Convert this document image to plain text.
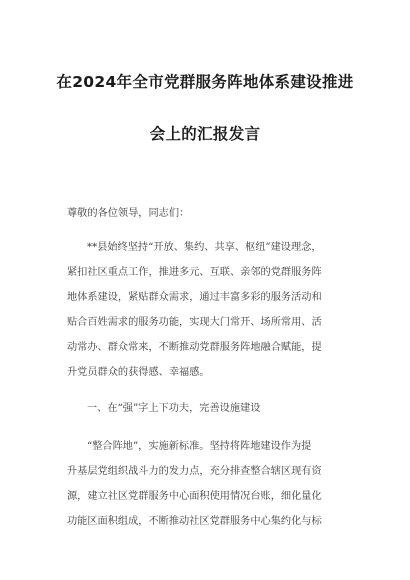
在2024年全市党群服务阵地体系建设推进
会上的汇报发言
尊敬的各位领导，同志们：
**县始终坚持“开放、集约、共享、枢纽”建设理念，
紧扣社区重点工作，推进多元、互联、亲邻的党群服务阵
地体系建设，紧贴群众需求，通过丰富多彩的服务活动和
贴合百姓需求的服务功能，实现大门常开、场所常用、活
动常办、群众常来，不断推动党群服务阵地融合赋能，提
升党员群众的获得感、幸福感。
一、在“强”字上下功夫，完善设施建设
“整合阵地”，实施新标准。坚持将阵地建设作为提
升基层党组织战斗力的发力点，充分排查整合辖区现有资
源，建立社区党群服务中心面积使用情况台账，细化量化
功能区面积组成，不断推动社区党群服务中心集约化与标
